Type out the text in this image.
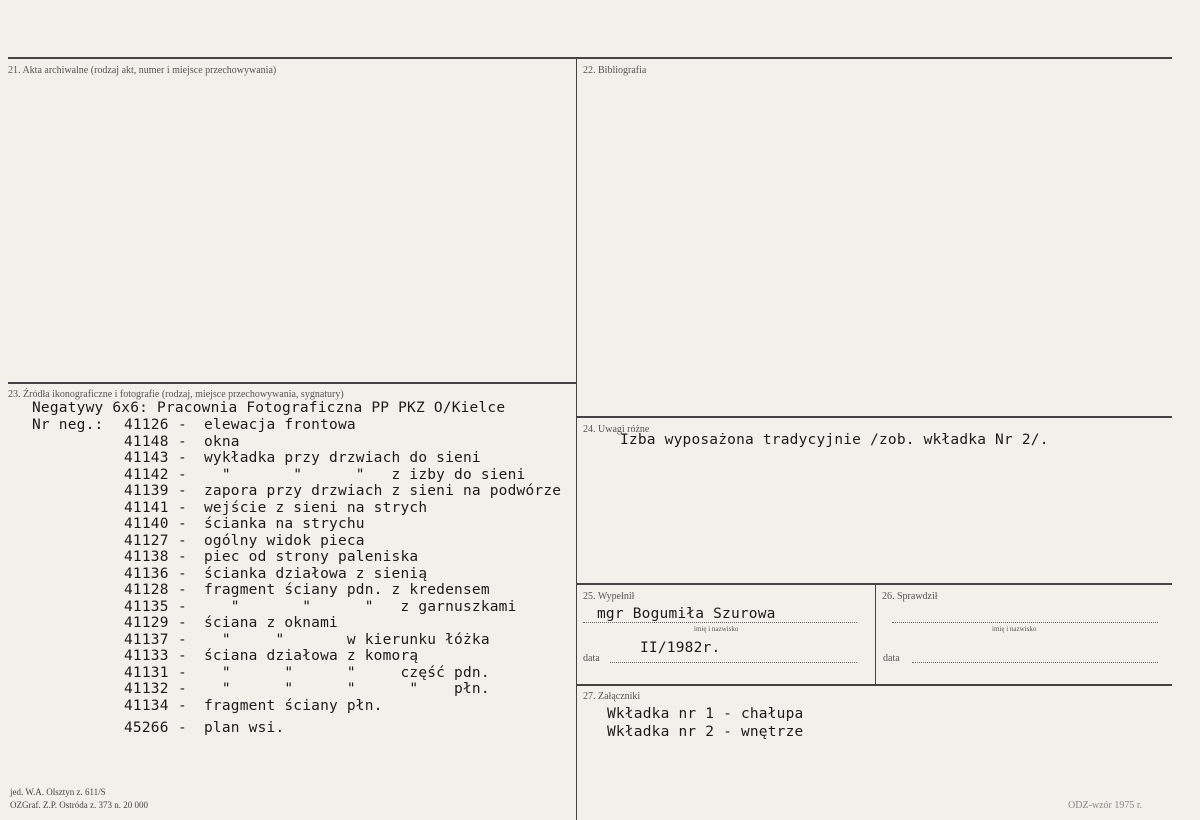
21. Akta archiwalne (rodzaj akt, numer i miejsce przechowywania)	22. Bibliografia
23. Źródła ikonograficzne i fotografie (rodzaj, miejsce przechowywania, sygnatury)
Negatywy 6x6: Pracownia Fotograficzna PP PKZ O/Kielce
Nr neg.: 41126 - elewacja frontowa
41148 - okna
41143 - wykładka przy drzwiach do sieni
41142 - "       "      "   z izby do sieni
41139 - zapora przy drzwiach z sieni na podwórze
41141 - wejście z sieni na strych
41140 - ścianka na strychu
41127 - ogólny widok pieca
41138 - piec od strony paleniska
41136 - ścianka działowa z sienią
41128 - fragment ściany pdn. z kredensem
41135 - "       "      "   z garnuszkami
41129 - ściana z oknami
41137 - "     "       w kierunku łóżka
41133 - ściana działowa z komorą
41131 - "      "      "     część pdn.
41132 - "      "      "      "    płn.
41134 - fragment ściany płn.
45266 - plan wsi.
24. Uwagi różne
Izba wyposażona tradycyjnie /zob. wkładka Nr 2/.
25. Wypełnił
mgr Bogumiła Szurowa
imię i nazwisko
II/1982r.
data
26. Sprawdził
imię i nazwisko
data
27. Załączniki
Wkładka nr 1 - chałupa
Wkładka nr 2 - wnętrze
jed. W.A. Olsztyn z. 611/S
OZGraf. Z.P. Ostróda z. 373 n. 20 000	ODZ-wzór 1975 r.
